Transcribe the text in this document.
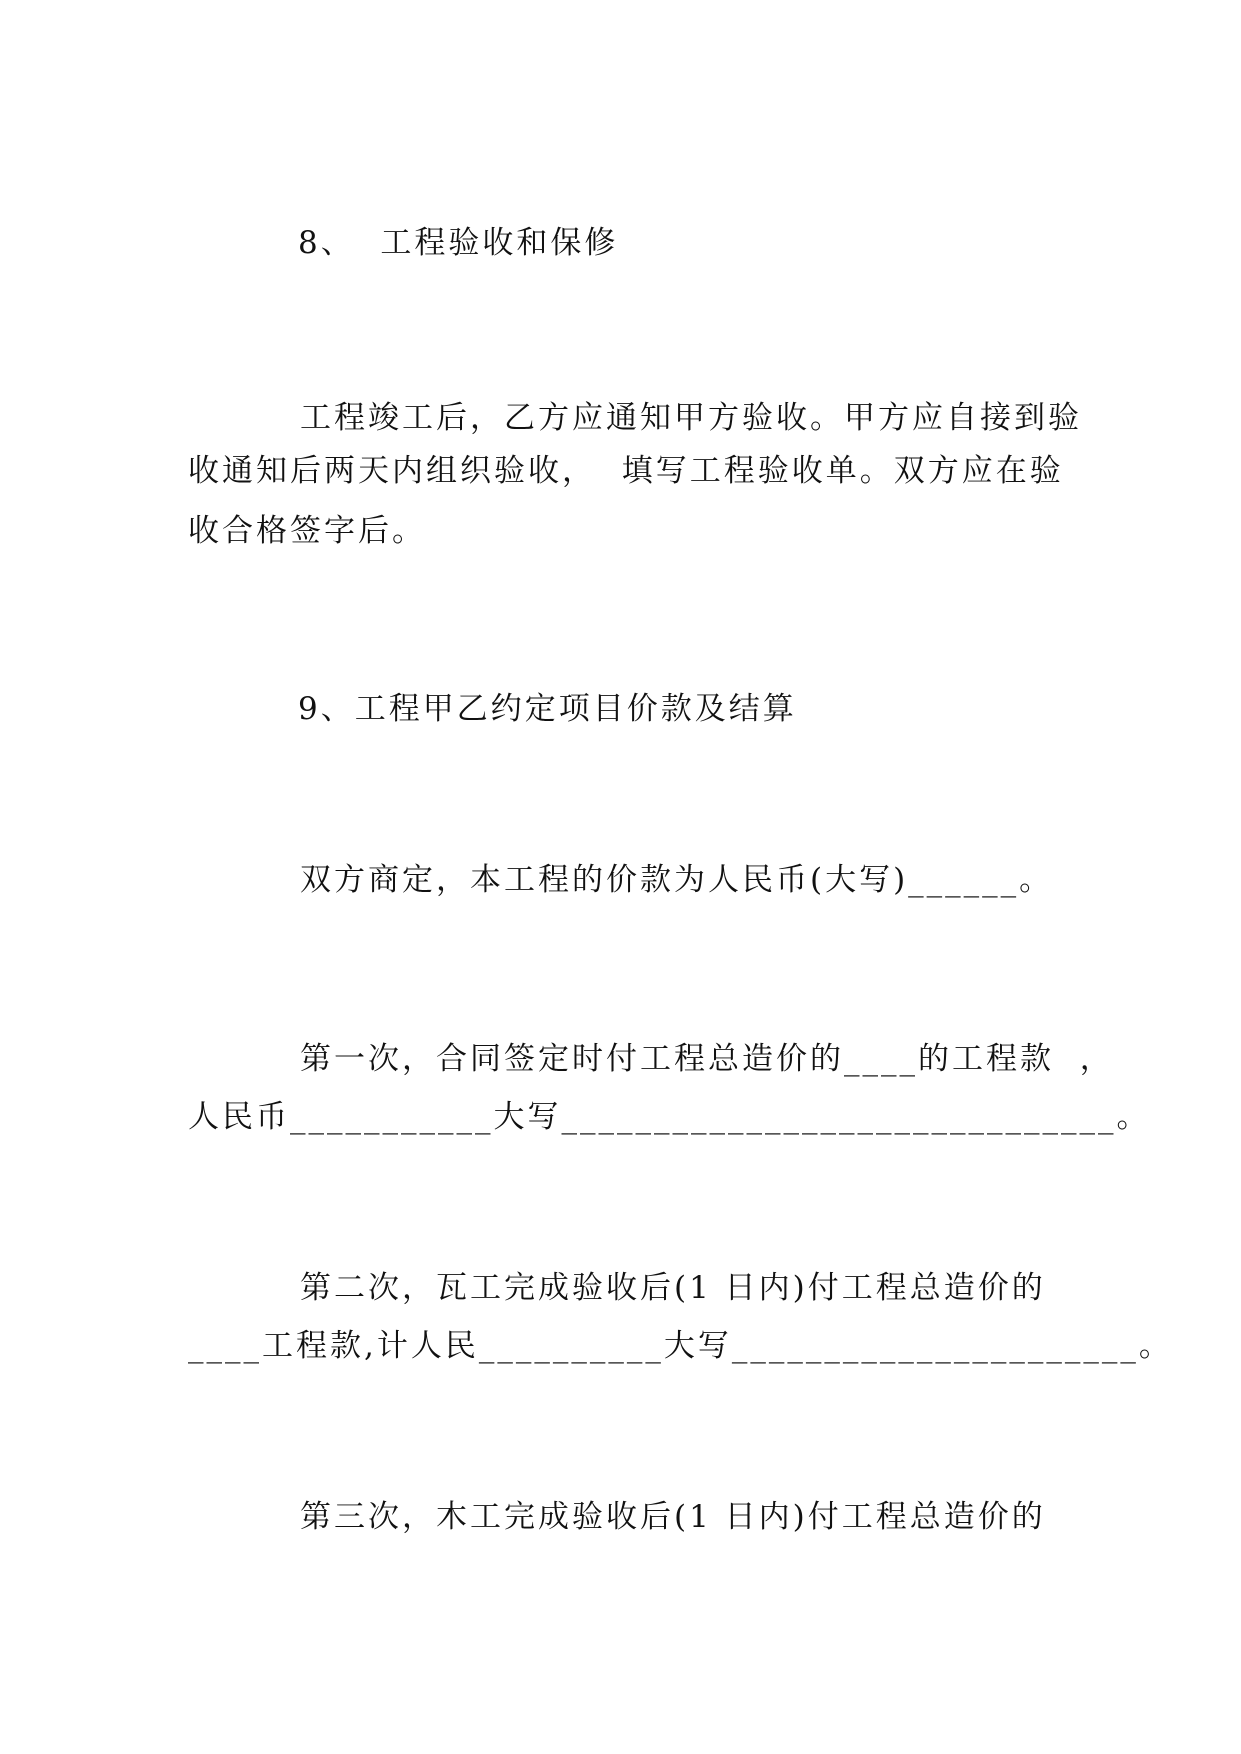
8、  工程验收和保修
工程竣工后，乙方应通知甲方验收。甲方应自接到验
收通知后两天内组织验收，  填写工程验收单。双方应在验
收合格签字后。
9、工程甲乙约定项目价款及结算
双方商定，本工程的价款为人民币(大写)______。
第一次，合同签定时付工程总造价的____的工程款  ，
人民币___________大写______________________________。
第二次，瓦工完成验收后(1 日内)付工程总造价的
____工程款,计人民__________大写______________________。
第三次，木工完成验收后(1 日内)付工程总造价的
